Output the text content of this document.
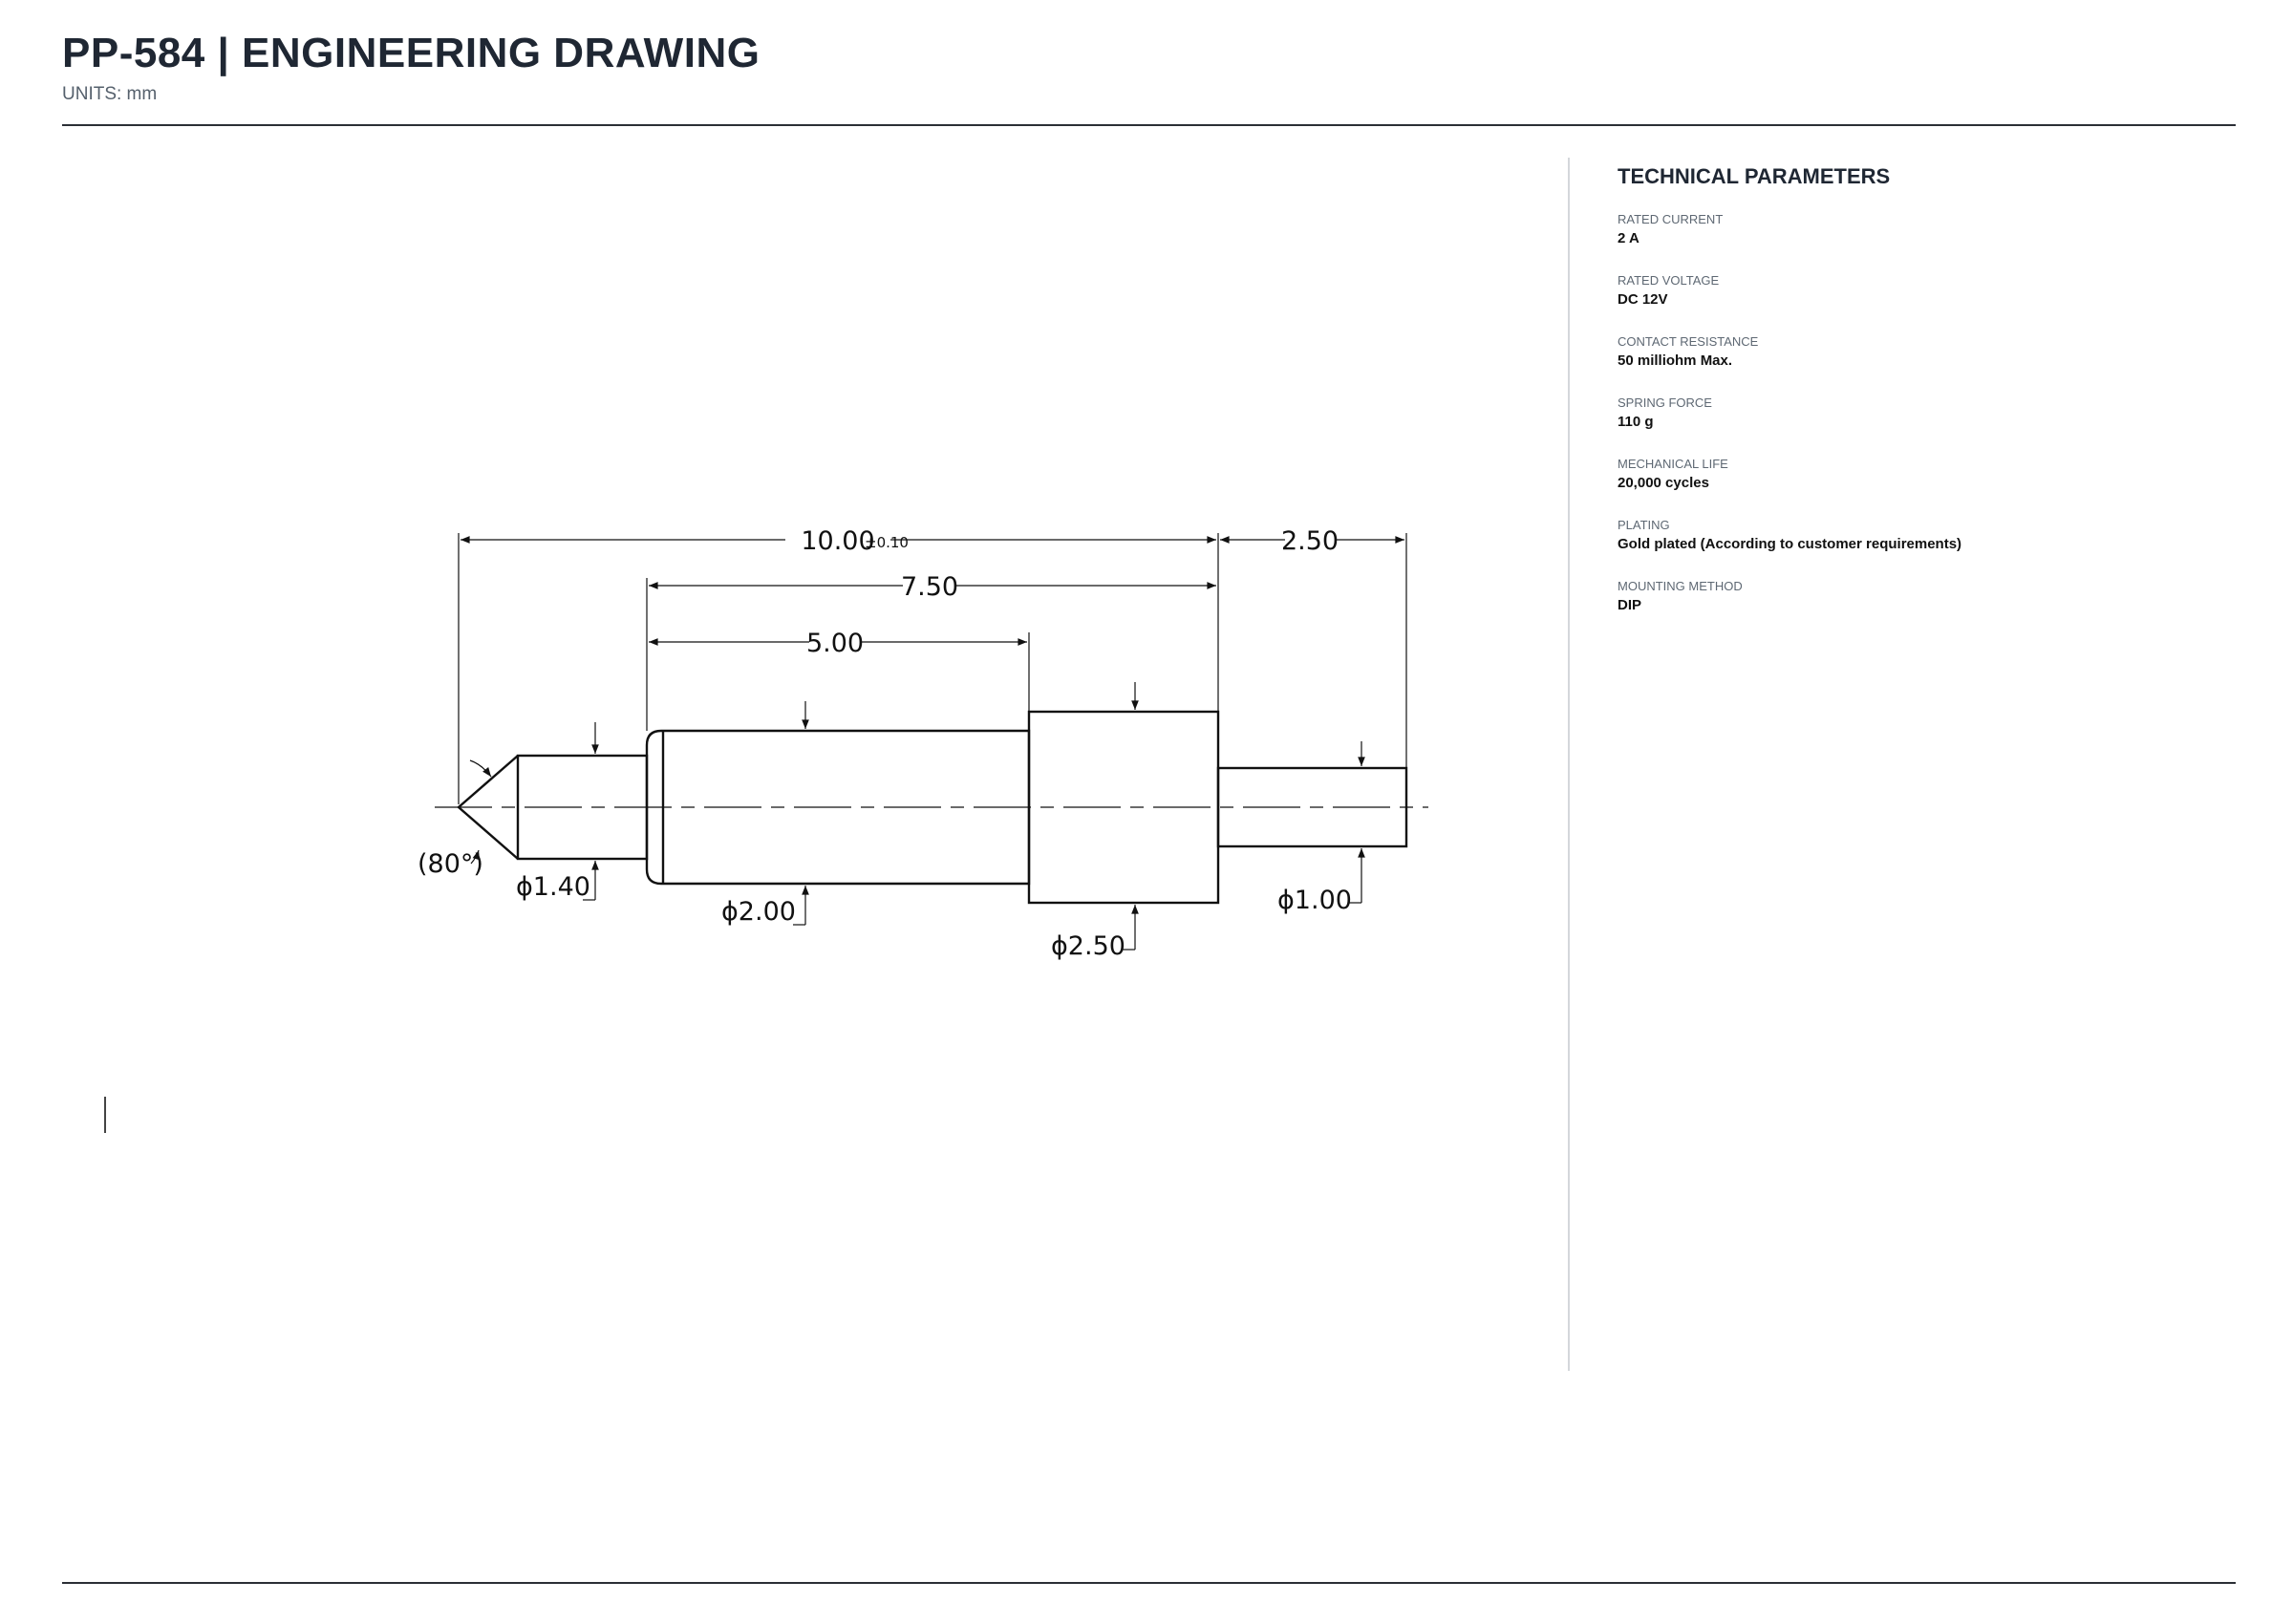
PP-584 | ENGINEERING DRAWING
UNITS: mm
10.00
±0.10	2.50
7.50
5.00
ϕ1.40
ϕ2.00
ϕ2.50
ϕ1.00
(80°)
TECHNICAL PARAMETERS
RATED CURRENT
2 A
RATED VOLTAGE
DC 12V
CONTACT RESISTANCE
50 milliohm Max.
SPRING FORCE
110 g
MECHANICAL LIFE
20,000 cycles
PLATING
Gold plated (According to customer requirements)
MOUNTING METHOD
DIP
